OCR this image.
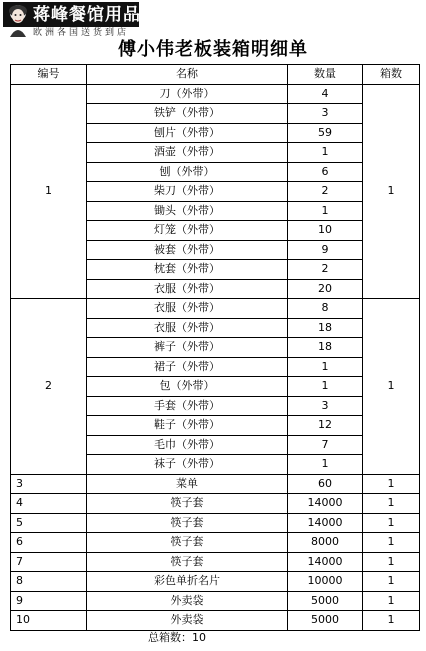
蒋峰餐馆用品
欧洲各国送货到店
傅小伟老板装箱明细单
编号	名称	数量	箱数
1	刀（外带）	4	1
	铁铲（外带）	3	
	刨片（外带）	59	
	酒壶（外带）	1	
	刨（外带）	6	
	柴刀（外带）	2	
	锄头（外带）	1	
	灯笼（外带）	10	
	被套（外带）	9	
	枕套（外带）	2	
	衣服（外带）	20	
2	衣服（外带）	8	1
	衣服（外带）	18	
	裤子（外带）	18	
	裙子（外带）	1	
	包（外带）	1	
	手套（外带）	3	
	鞋子（外带）	12	
	毛巾（外带）	7	
	袜子（外带）	1	
3	菜单	60	1
4	筷子套	14000	1
5	筷子套	14000	1
6	筷子套	8000	1
7	筷子套	14000	1
8	彩色单折名片	10000	1
9	外卖袋	5000	1
10	外卖袋	5000	1
总箱数：10
